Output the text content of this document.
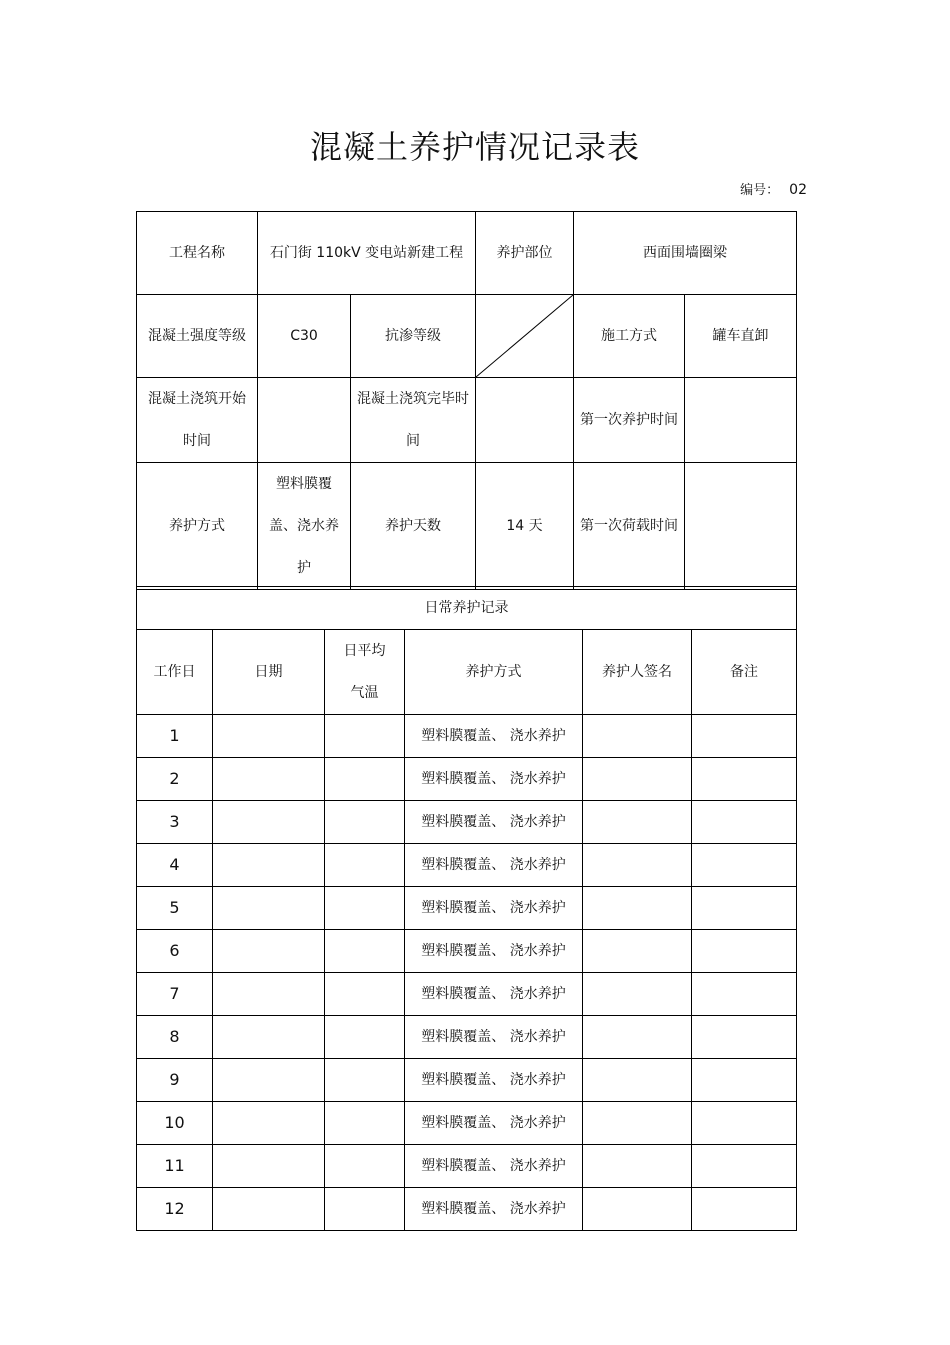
混凝土养护情况记录表
编号： 02
工程名称	石门街 110kV 变电站新建工程		养护部位	西面围墙圈梁	
混凝土强度等级	C30	抗渗等级		施工方式	罐车直卸
混凝土浇筑开始时间		混凝土浇筑完毕时间		第一次养护时间	
养护方式	塑料膜覆盖、浇水养护	养护天数	14 天	第一次荷载时间	
日常养护记录					
工作日	日期	日平均气温	养护方式	养护人签名	备注
1			塑料膜覆盖、 浇水养护		
2			塑料膜覆盖、 浇水养护		
3			塑料膜覆盖、 浇水养护		
4			塑料膜覆盖、 浇水养护		
5			塑料膜覆盖、 浇水养护		
6			塑料膜覆盖、 浇水养护		
7			塑料膜覆盖、 浇水养护		
8			塑料膜覆盖、 浇水养护		
9			塑料膜覆盖、 浇水养护		
10			塑料膜覆盖、 浇水养护		
11			塑料膜覆盖、 浇水养护		
12			塑料膜覆盖、 浇水养护		
